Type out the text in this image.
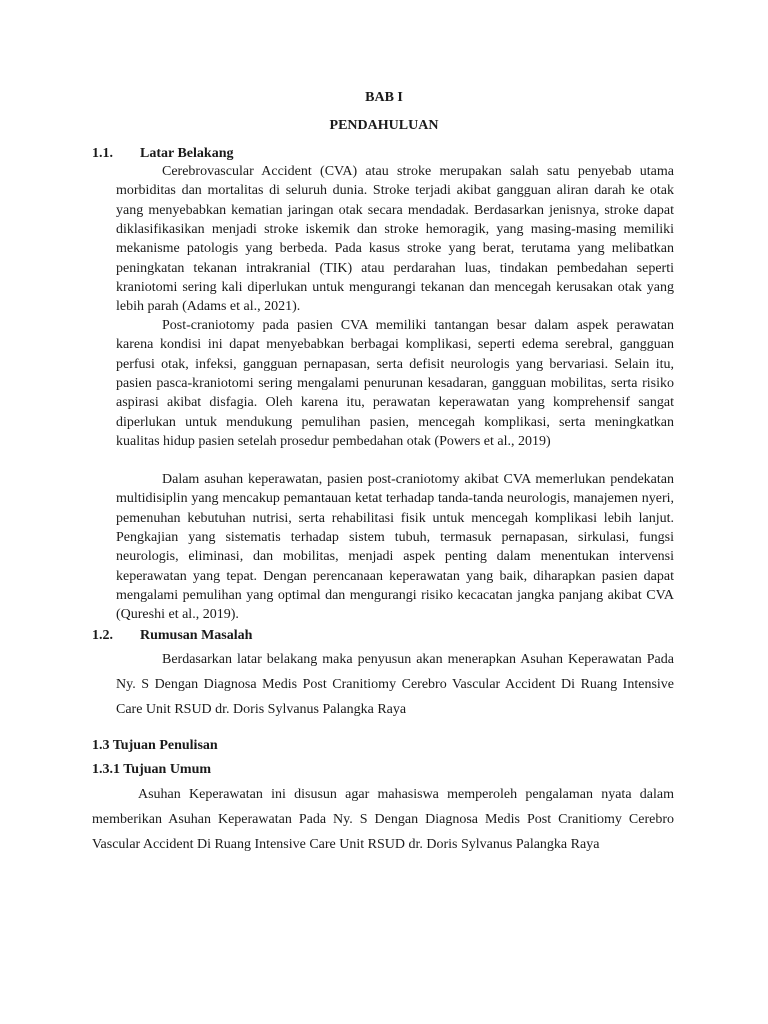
BAB I
PENDAHULUAN
1.1. Latar Belakang

Cerebrovascular Accident (CVA) atau stroke merupakan salah satu penyebab utama morbiditas dan mortalitas di seluruh dunia. Stroke terjadi akibat gangguan aliran darah ke otak yang menyebabkan kematian jaringan otak secara mendadak. Berdasarkan jenisnya, stroke dapat diklasifikasikan menjadi stroke iskemik dan stroke hemoragik, yang masing-masing memiliki mekanisme patologis yang berbeda. Pada kasus stroke yang berat, terutama yang melibatkan peningkatan tekanan intrakranial (TIK) atau perdarahan luas, tindakan pembedahan seperti kraniotomi sering kali diperlukan untuk mengurangi tekanan dan mencegah kerusakan otak yang lebih parah (Adams et al., 2021).

Post-craniotomy pada pasien CVA memiliki tantangan besar dalam aspek perawatan karena kondisi ini dapat menyebabkan berbagai komplikasi, seperti edema serebral, gangguan perfusi otak, infeksi, gangguan pernapasan, serta defisit neurologis yang bervariasi. Selain itu, pasien pasca-kraniotomi sering mengalami penurunan kesadaran, gangguan mobilitas, serta risiko aspirasi akibat disfagia. Oleh karena itu, perawatan keperawatan yang komprehensif sangat diperlukan untuk mendukung pemulihan pasien, mencegah komplikasi, serta meningkatkan kualitas hidup pasien setelah prosedur pembedahan otak (Powers et al., 2019)

Dalam asuhan keperawatan, pasien post-craniotomy akibat CVA memerlukan pendekatan multidisiplin yang mencakup pemantauan ketat terhadap tanda-tanda neurologis, manajemen nyeri, pemenuhan kebutuhan nutrisi, serta rehabilitasi fisik untuk mencegah komplikasi lebih lanjut. Pengkajian yang sistematis terhadap sistem tubuh, termasuk pernapasan, sirkulasi, fungsi neurologis, eliminasi, dan mobilitas, menjadi aspek penting dalam menentukan intervensi keperawatan yang tepat. Dengan perencanaan keperawatan yang baik, diharapkan pasien dapat mengalami pemulihan yang optimal dan mengurangi risiko kecacatan jangka panjang akibat CVA (Qureshi et al., 2019).

1.2. Rumusan Masalah

Berdasarkan latar belakang maka penyusun akan menerapkan Asuhan Keperawatan Pada Ny. S Dengan Diagnosa Medis Post Cranitiomy Cerebro Vascular Accident Di Ruang Intensive Care Unit RSUD dr. Doris Sylvanus Palangka Raya

1.3 Tujuan Penulisan
1.3.1 Tujuan Umum

Asuhan Keperawatan ini disusun agar mahasiswa memperoleh pengalaman nyata dalam memberikan Asuhan Keperawatan Pada Ny. S Dengan Diagnosa Medis Post Cranitiomy Cerebro Vascular Accident Di Ruang Intensive Care Unit RSUD dr. Doris Sylvanus Palangka Raya
